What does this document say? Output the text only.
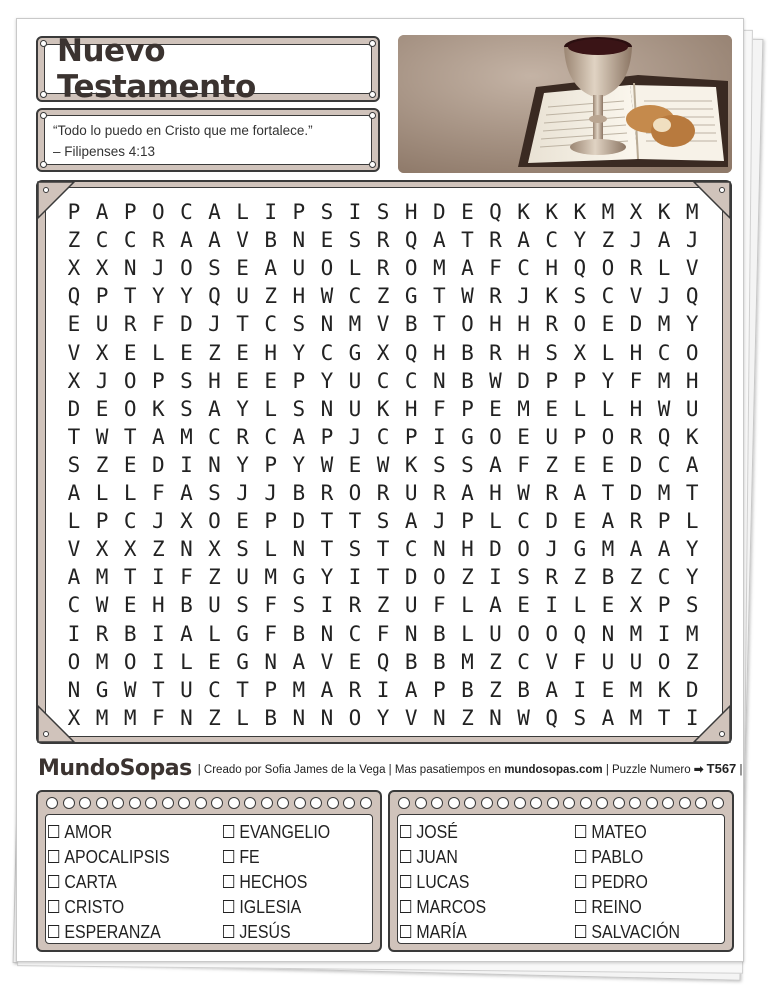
Nuevo Testamento
“Todo lo puedo en Cristo que me fortalece.”
– Filipenses 4:13
P A P O C A L I P S I S H D E Q K K K M X K M
Z C C R A A V B N E S R Q A T R A C Y Z J A J
X X N J O S E A U O L R O M A F C H Q O R L V
Q P T Y Y Q U Z H W C Z G T W R J K S C V J Q
E U R F D J T C S N M V B T O H H R O E D M Y
V X E L E Z E H Y C G X Q H B R H S X L H C O
X J O P S H E E P Y U C C N B W D P P Y F M H
D E O K S A Y L S N U K H F P E M E L L H W U
T W T A M C R C A P J C P I G O E U P O R Q K
S Z E D I N Y P Y W E W K S S A F Z E E D C A
A L L F A S J J B R O R U R A H W R A T D M T
L P C J X O E P D T T S A J P L C D E A R P L
V X X Z N X S L N T S T C N H D O J G M A A Y
A M T I F Z U M G Y I T D O Z I S R Z B Z C Y
C W E H B U S F S I R Z U F L A E I L E X P S
I R B I A L G F B N C F N B L U O O Q N M I M
O M O I L E G N A V E Q B B M Z C V F U U O Z
N G W T U C T P M A R I A P B Z B A I E M K D
X M M F N Z L B N N O Y V N Z N W Q S A M T I
MundoSopas | Creado por Sofia James de la Vega | Mas pasatiempos en mundosopas.com | Puzzle Numero ➡ T567 |
AMOR
APOCALIPSIS
CARTA
CRISTO
ESPERANZA
EVANGELIO
FE
HECHOS
IGLESIA
JESÚS
JOSÉ
JUAN
LUCAS
MARCOS
MARÍA
MATEO
PABLO
PEDRO
REINO
SALVACIÓN
